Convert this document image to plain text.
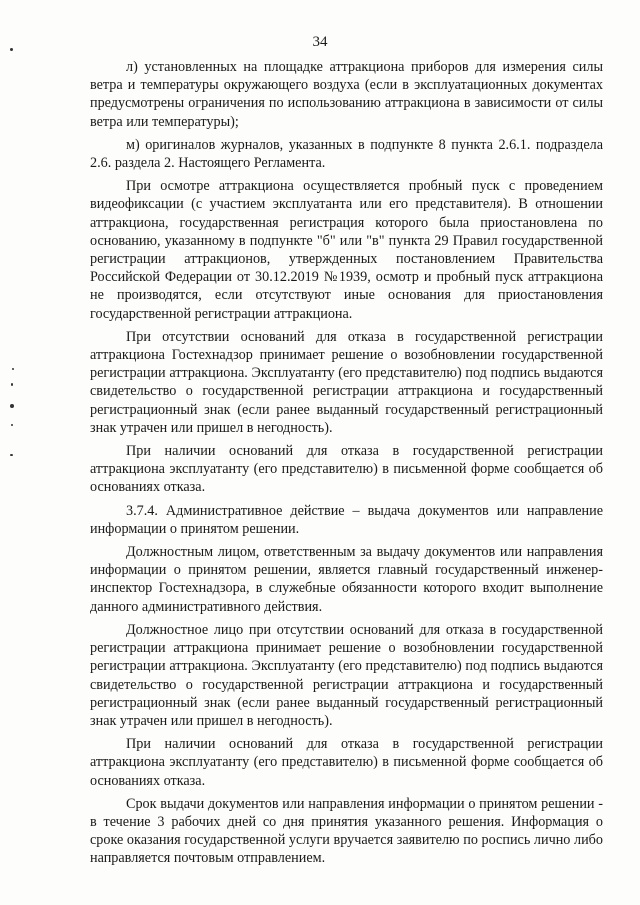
34

л) установленных на площадке аттракциона приборов для измерения силы ветра и температуры окружающего воздуха (если в эксплуатационных документах предусмотрены ограничения по использованию аттракциона в зависимости от силы ветра или температуры);

м) оригиналов журналов, указанных в подпункте 8 пункта 2.6.1. подраздела 2.6. раздела 2. Настоящего Регламента.

При осмотре аттракциона осуществляется пробный пуск с проведением видеофиксации (с участием эксплуатанта или его представителя). В отношении аттракциона, государственная регистрация которого была приостановлена по основанию, указанному в подпункте "б" или "в" пункта 29 Правил государственной регистрации аттракционов, утвержденных постановлением Правительства Российской Федерации от 30.12.2019 №1939, осмотр и пробный пуск аттракциона не производятся, если отсутствуют иные основания для приостановления государственной регистрации аттракциона.

При отсутствии оснований для отказа в государственной регистрации аттракциона Гостехнадзор принимает решение о возобновлении государственной регистрации аттракциона. Эксплуатанту (его представителю) под подпись выдаются свидетельство о государственной регистрации аттракциона и государственный регистрационный знак (если ранее выданный государственный регистрационный знак утрачен или пришел в негодность).

При наличии оснований для отказа в государственной регистрации аттракциона эксплуатанту (его представителю) в письменной форме сообщается об основаниях отказа.

3.7.4. Административное действие – выдача документов или направление информации о принятом решении.

Должностным лицом, ответственным за выдачу документов или направления информации о принятом решении, является главный государственный инженер-инспектор Гостехнадзора, в служебные обязанности которого входит выполнение данного административного действия.

Должностное лицо при отсутствии оснований для отказа в государственной регистрации аттракциона принимает решение о возобновлении государственной регистрации аттракциона. Эксплуатанту (его представителю) под подпись выдаются свидетельство о государственной регистрации аттракциона и государственный регистрационный знак (если ранее выданный государственный регистрационный знак утрачен или пришел в негодность).

При наличии оснований для отказа в государственной регистрации аттракциона эксплуатанту (его представителю) в письменной форме сообщается об основаниях отказа.

Срок выдачи документов или направления информации о принятом решении - в течение 3 рабочих дней со дня принятия указанного решения. Информация о сроке оказания государственной услуги вручается заявителю по роспись лично либо направляется почтовым отправлением.
